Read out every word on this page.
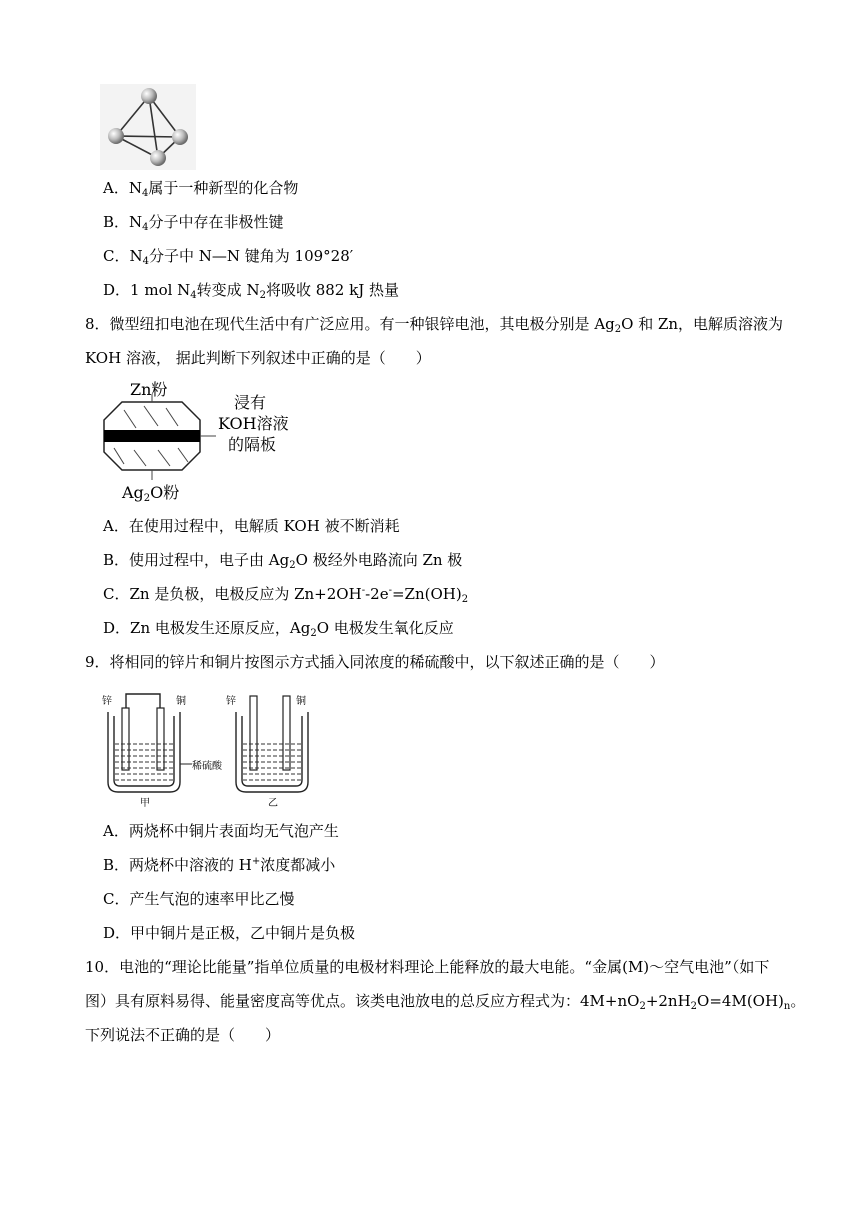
A．$N_4$属于一种新型的化合物
B．$N_4$分子中存在非极性键
C．$N_4$分子中 N—N 键角为 109°28′
D．1 mol $N_4$转变成 $N_2$将吸收 882 kJ 热量
8．微型纽扣电池在现代生活中有广泛应用。有一种银锌电池，其电极分别是 $Ag_2O$ 和 Zn，电解质溶液为
KOH 溶液， 据此判断下列叙述中正确的是（　　）
Zn粉
浸有
KOH溶液
的隔板
$Ag_2O$粉
A．在使用过程中，电解质 KOH 被不断消耗
B．使用过程中，电子由 $Ag_2O$ 极经外电路流向 Zn 极
C．Zn 是负极，电极反应为 $Zn+2OH^--2e^-=Zn(OH)_2$
D．Zn 电极发生还原反应，$Ag_2O$ 电极发生氧化反应
9．将相同的锌片和铜片按图示方式插入同浓度的稀硫酸中，以下叙述正确的是（　　）
锌	铜	锌	铜
稀硫酸
甲	乙
A．两烧杯中铜片表面均无气泡产生
B．两烧杯中溶液的 H+浓度都减小
C．产生气泡的速率甲比乙慢
D．甲中铜片是正极，乙中铜片是负极
10．电池的“理论比能量”指单位质量的电极材料理论上能释放的最大电能。“金属(M)～空气电池”（如下
图）具有原料易得、能量密度高等优点。该类电池放电的总反应方程式为：$4M+nO_2+2nH_2O=4M(OH)_n$。
下列说法不正确的是（　　）
